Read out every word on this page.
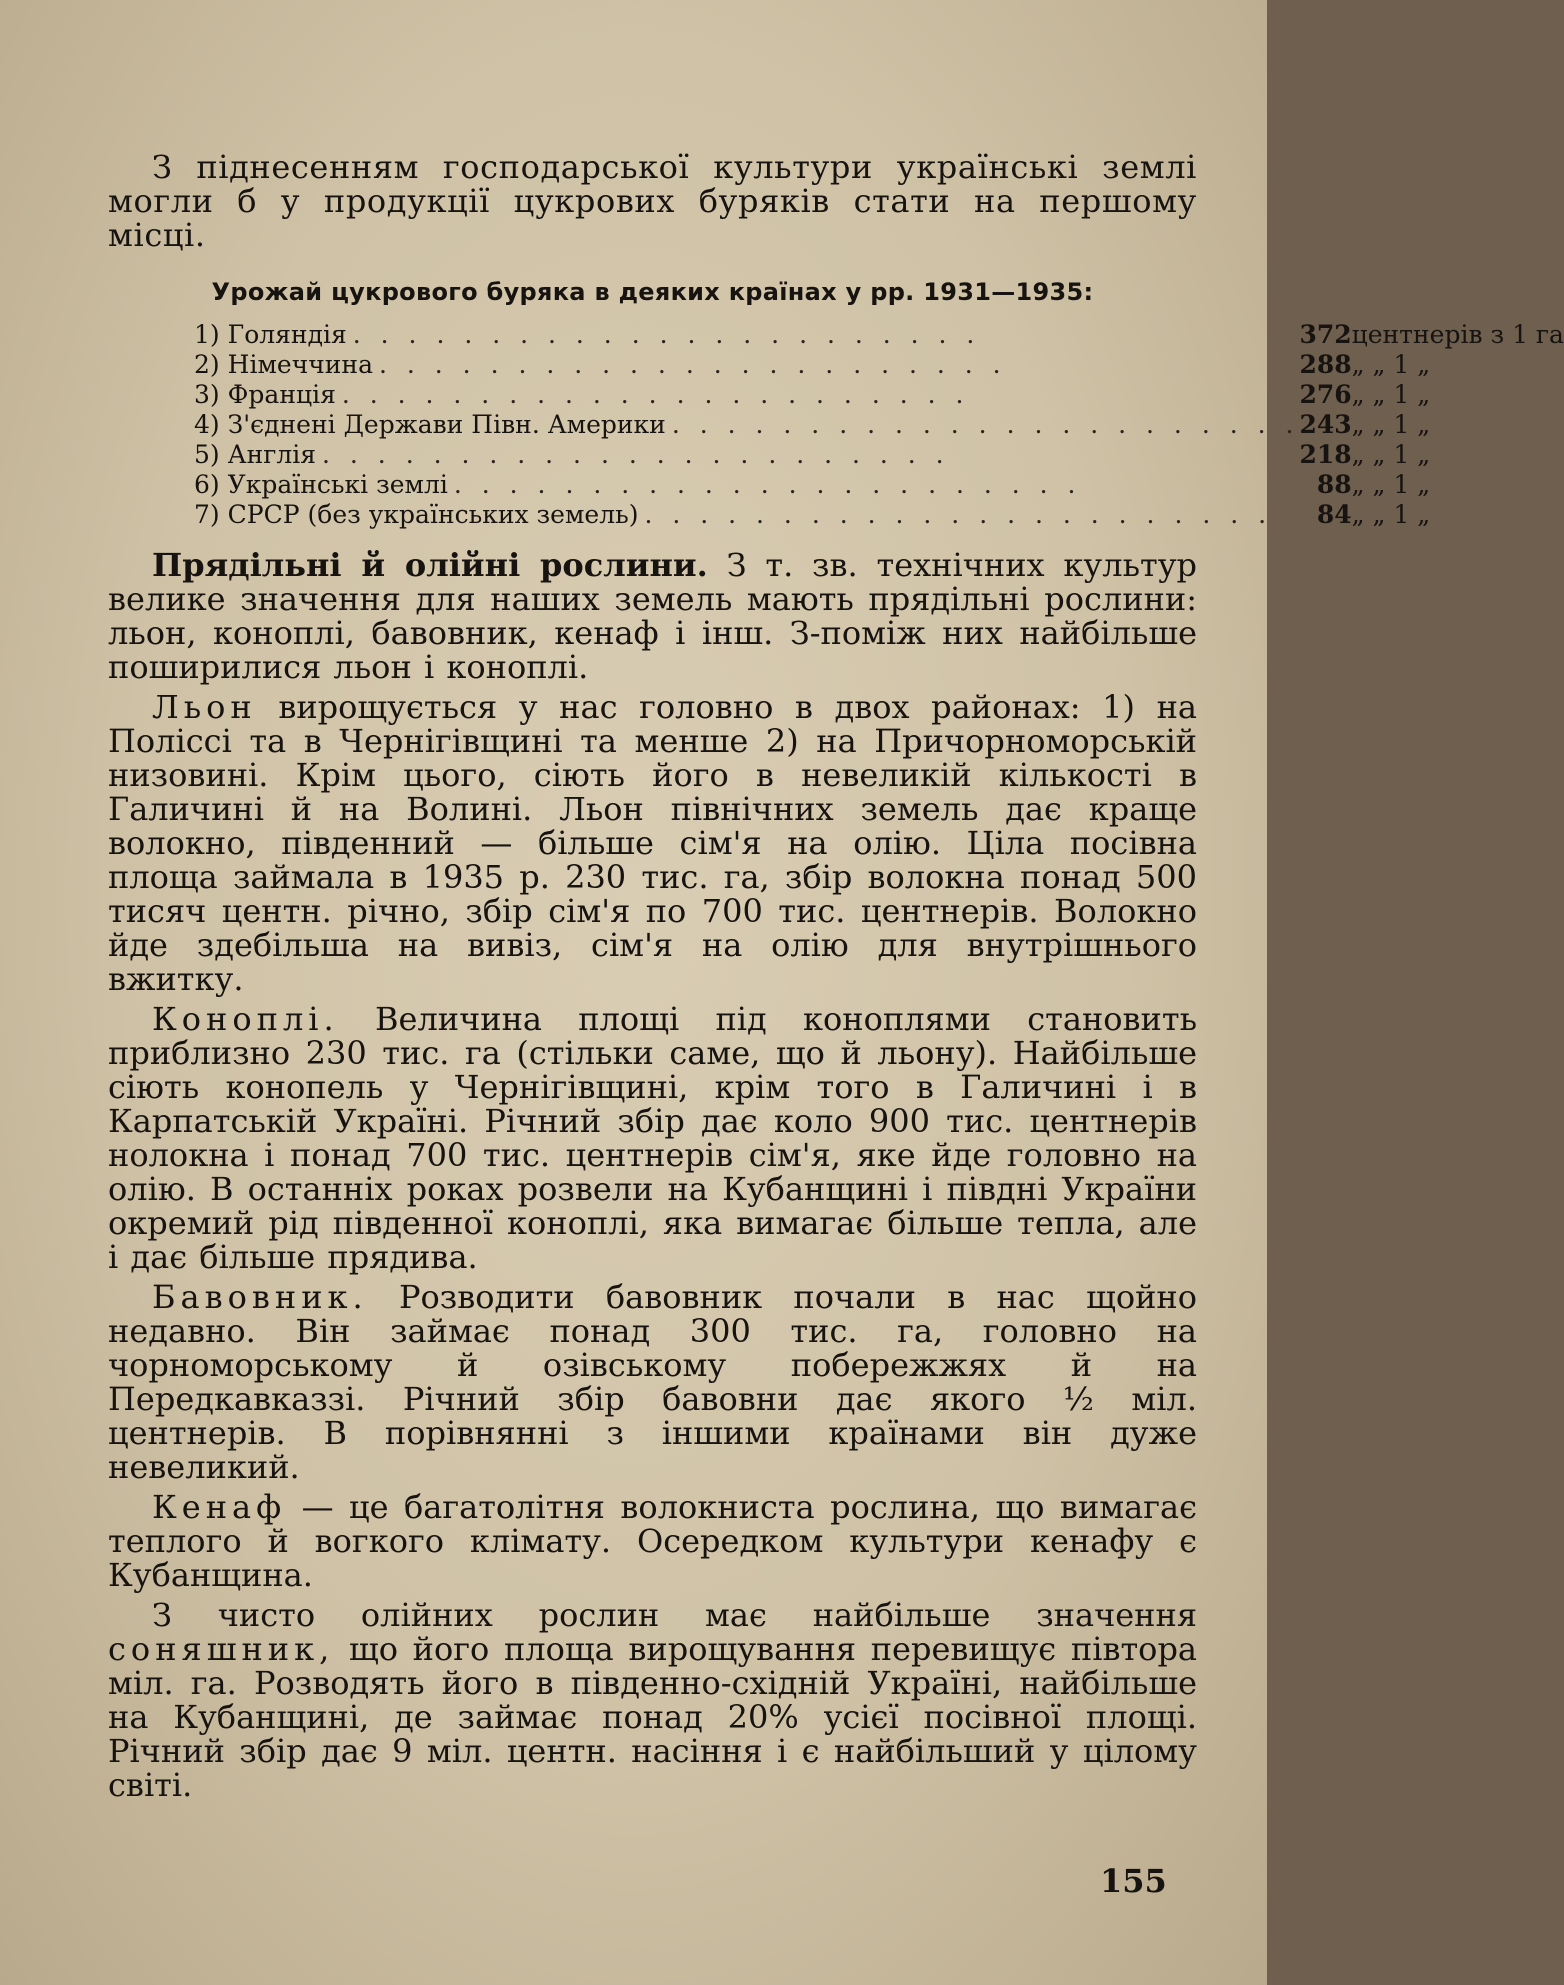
З піднесенням господарської культури українські землі могли б у продукції цукрових буряків стати на першому місці.

Урожай цукрового буряка в деяких країнах у рр. 1931—1935:
1)	Голяндія . . . . . . . . . . . . . . . . . . . . . . .	372	центнерів з 1 га
2)	Німеччина . . . . . . . . . . . . . . . . . . . . . . .	288	„ „ 1 „
3)	Франція . . . . . . . . . . . . . . . . . . . . . . .	276	„ „ 1 „
4)	З'єднені Держави Півн. Америки . . . . . . . . . . . . . . . . . . . . . . .	243	„ „ 1 „
5)	Англія . . . . . . . . . . . . . . . . . . . . . . .	218	„ „ 1 „
6)	Українські землі . . . . . . . . . . . . . . . . . . . . . . .	88	„ „ 1 „
7)	СРСР (без українських земель) . . . . . . . . . . . . . . . . . . . . . . .	84	„ „ 1 „

Прядільні й олійні рослини. З т. зв. технічних культур велике значення для наших земель мають прядільні рослини: льон, коноплі, бавовник, кенаф і інш. З-поміж них найбільше поширилися льон і коноплі.

Льон вирощується у нас головно в двох районах: 1) на Поліссі та в Чернігівщині та менше 2) на Причорноморській низовині. Крім цього, сіють його в невеликій кількості в Галичині й на Волині. Льон північних земель дає краще волокно, південний — більше сім'я на олію. Ціла посівна площа займала в 1935 р. 230 тис. га, збір волокна понад 500 тисяч центн. річно, збір сім'я по 700 тис. центнерів. Волокно йде здебільша на вивіз, сім'я на олію для внутрішнього вжитку.

Коноплі. Величина площі під коноплями становить приблизно 230 тис. га (стільки саме, що й льону). Найбільше сіють конопель у Чернігівщині, крім того в Галичині і в Карпатській Україні. Річний збір дає коло 900 тис. центнерів нолокна і понад 700 тис. центнерів сім'я, яке йде головно на олію. В останніх роках розвели на Кубанщині і півдні України окремий рід південної коноплі, яка вимагає більше тепла, але і дає більше прядива.

Бавовник. Розводити бавовник почали в нас щойно недавно. Він займає понад 300 тис. га, головно на чорноморському й озівському побережжях й на Передкавказзі. Річний збір бавовни дає якого ½ міл. центнерів. В порівнянні з іншими країнами він дуже невеликий.

Кенаф — це багатолітня волокниста рослина, що вимагає теплого й вогкого клімату. Осередком культури кенафу є Кубанщина.

З чисто олійних рослин має найбільше значення соняшник, що його площа вирощування перевищує півтора міл. га. Розводять його в південно-східній Україні, найбільше на Кубанщині, де займає понад 20% усієї посівної площі. Річний збір дає 9 міл. центн. насіння і є найбільший у цілому світі.

155
